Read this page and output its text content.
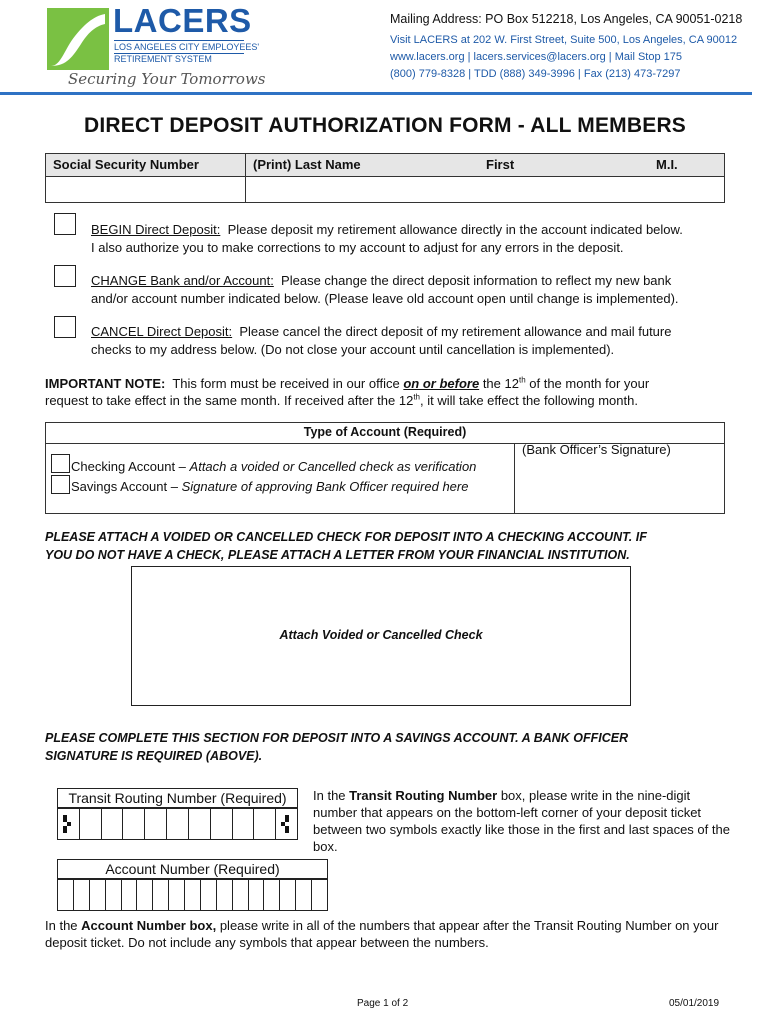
LACERS
LOS ANGELES CITY EMPLOYEES'
RETIREMENT SYSTEM
Securing Your Tomorrows
Mailing Address: PO Box 512218, Los Angeles, CA 90051-0218
Visit LACERS at 202 W. First Street, Suite 500, Los Angeles, CA 90012
www.lacers.org | lacers.services@lacers.org | Mail Stop 175
(800) 779-8328 | TDD (888) 349-3996 | Fax (213) 473-7297
DIRECT DEPOSIT AUTHORIZATION FORM - ALL MEMBERS
Social Security Number	(Print) Last Name	First	M.I.
BEGIN Direct Deposit: Please deposit my retirement allowance directly in the account indicated below.
I also authorize you to make corrections to my account to adjust for any errors in the deposit.
CHANGE Bank and/or Account: Please change the direct deposit information to reflect my new bank
and/or account number indicated below. (Please leave old account open until change is implemented).
CANCEL Direct Deposit: Please cancel the direct deposit of my retirement allowance and mail future
checks to my address below. (Do not close your account until cancellation is implemented).
IMPORTANT NOTE: This form must be received in our office on or before the 12th of the month for your
request to take effect in the same month. If received after the 12th, it will take effect the following month.
Type of Account (Required)
(Bank Officer’s Signature)
Checking Account – Attach a voided or Cancelled check as verification
Savings Account – Signature of approving Bank Officer required here
PLEASE ATTACH A VOIDED OR CANCELLED CHECK FOR DEPOSIT INTO A CHECKING ACCOUNT. IF
YOU DO NOT HAVE A CHECK, PLEASE ATTACH A LETTER FROM YOUR FINANCIAL INSTITUTION.
Attach Voided or Cancelled Check
PLEASE COMPLETE THIS SECTION FOR DEPOSIT INTO A SAVINGS ACCOUNT. A BANK OFFICER
SIGNATURE IS REQUIRED (ABOVE).
Transit Routing Number (Required)	In the Transit Routing Number box, please write in the nine-digit number that appears on the bottom-left corner of your deposit ticket between two symbols exactly like those in the first and last spaces of the box.
Account Number (Required)
In the Account Number box, please write in all of the numbers that appear after the Transit Routing Number on your deposit ticket. Do not include any symbols that appear between the numbers.
Page 1 of 2	05/01/2019
